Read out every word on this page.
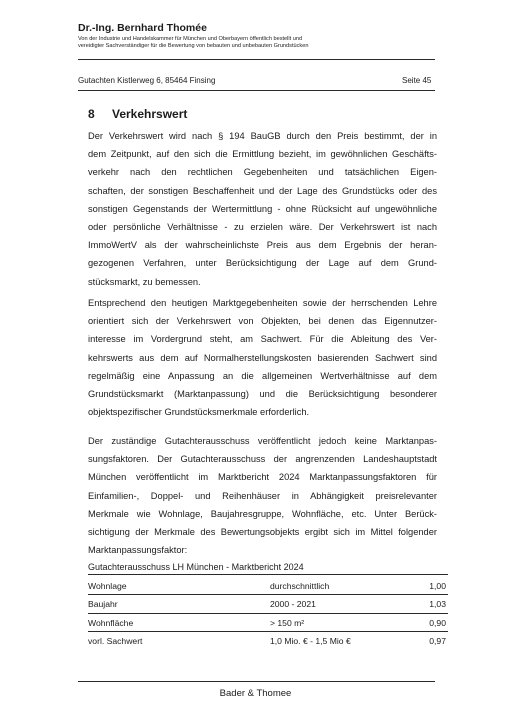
Dr.-Ing. Bernhard Thomée
Von der Industrie und Handelskammer für München und Oberbayern öffentlich bestellt und
vereidigter Sachverständiger für die Bewertung von bebauten und unbebauten Grundstücken
Gutachten Kistlerweg 6, 85464 Finsing	Seite 45
8 Verkehrswert
Der Verkehrswert wird nach § 194 BauGB durch den Preis bestimmt, der in
dem Zeitpunkt, auf den sich die Ermittlung bezieht, im gewöhnlichen Geschäfts-
verkehr nach den rechtlichen Gegebenheiten und tatsächlichen Eigen-
schaften, der sonstigen Beschaffenheit und der Lage des Grundstücks oder des
sonstigen Gegenstands der Wertermittlung - ohne Rücksicht auf ungewöhnliche
oder persönliche Verhältnisse - zu erzielen wäre. Der Verkehrswert ist nach
ImmoWertV als der wahrscheinlichste Preis aus dem Ergebnis der heran-
gezogenen Verfahren, unter Berücksichtigung der Lage auf dem Grund-
stücksmarkt, zu bemessen.
Entsprechend den heutigen Marktgegebenheiten sowie der herrschenden Lehre
orientiert sich der Verkehrswert von Objekten, bei denen das Eigennutzer-
interesse im Vordergrund steht, am Sachwert. Für die Ableitung des Ver-
kehrswerts aus dem auf Normalherstellungskosten basierenden Sachwert sind
regelmäßig eine Anpassung an die allgemeinen Wertverhältnisse auf dem
Grundstücksmarkt (Marktanpassung) und die Berücksichtigung besonderer
objektspezifischer Grundstücksmerkmale erforderlich.
Der zuständige Gutachterausschuss veröffentlicht jedoch keine Marktanpas-
sungsfaktoren. Der Gutachterausschuss der angrenzenden Landeshauptstadt
München veröffentlicht im Marktbericht 2024 Marktanpassungsfaktoren für
Einfamilien-, Doppel- und Reihenhäuser in Abhängigkeit preisrelevanter
Merkmale wie Wohnlage, Baujahresgruppe, Wohnfläche, etc. Unter Berück-
sichtigung der Merkmale des Bewertungsobjekts ergibt sich im Mittel folgender
Marktanpassungsfaktor:
Gutachterausschuss LH München - Marktbericht 2024
Wohnlage	durchschnittlich	1,00
Baujahr	2000 - 2021	1,03
Wohnfläche	> 150 m²	0,90
vorl. Sachwert	1,0 Mio. € - 1,5 Mio €	0,97
Bader & Thomee
